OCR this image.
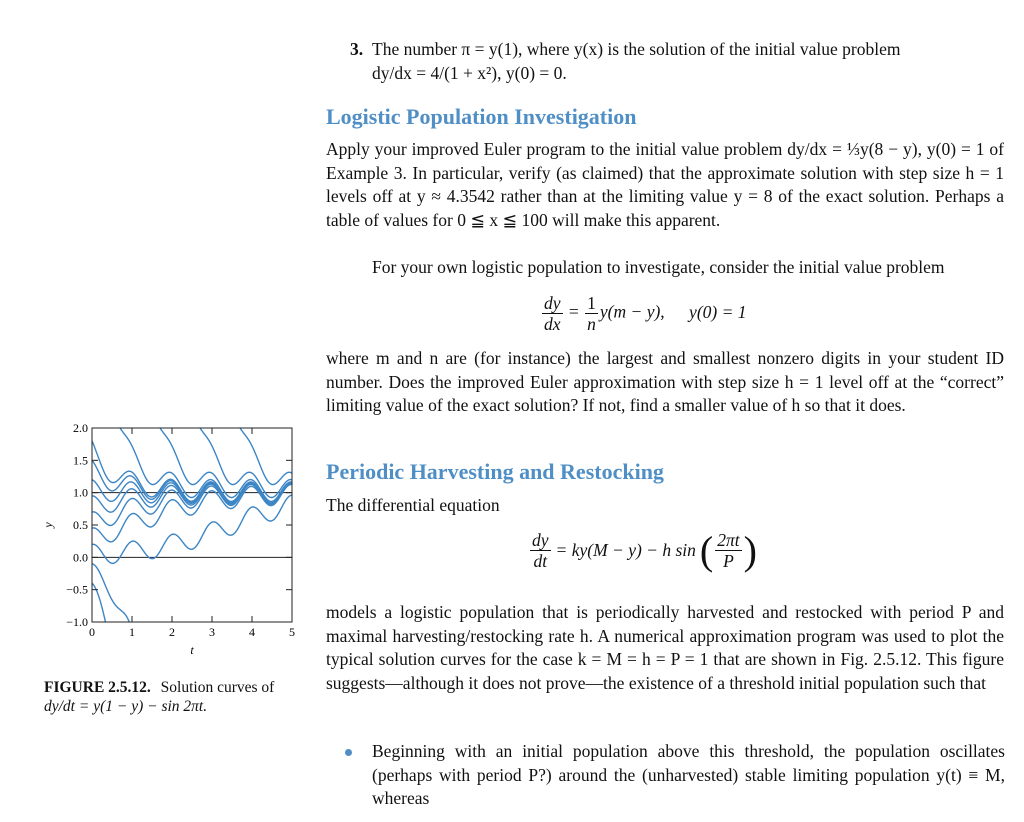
3. The number π = y(1), where y(x) is the solution of the initial value problem
dy/dx = 4/(1 + x²), y(0) = 0.
Logistic Population Investigation
Apply your improved Euler program to the initial value problem dy/dx = ⅓y(8 − y), y(0) = 1 of Example 3. In particular, verify (as claimed) that the approximate solution with step size h = 1 levels off at y ≈ 4.3542 rather than at the limiting value y = 8 of the exact solution. Perhaps a table of values for 0 ≦ x ≦ 100 will make this apparent.
For your own logistic population to investigate, consider the initial value problem
$\frac{dy}{dx} = \frac{1}{n} y(m - y)$, y(0) = 1
where m and n are (for instance) the largest and smallest nonzero digits in your student ID number. Does the improved Euler approximation with step size h = 1 level off at the “correct” limiting value of the exact solution? If not, find a smaller value of h so that it does.
Periodic Harvesting and Restocking
The differential equation
$\frac{dy}{dt} = ky(M - y) - h$ sin ( $\frac{2\pi t}{P}$ )
models a logistic population that is periodically harvested and restocked with period P and maximal harvesting/restocking rate h. A numerical approximation program was used to plot the typical solution curves for the case k = M = h = P = 1 that are shown in Fig. 2.5.12. This figure suggests—although it does not prove—the existence of a threshold initial population such that
Beginning with an initial population above this threshold, the population oscillates (perhaps with period P?) around the (unharvested) stable limiting population y(t) ≡ M, whereas
2.0
1.5
1.0
0.5
0.0
−0.5
−1.0
0	1	2	3	4	5
t
y
FIGURE 2.5.12. Solution curves of
dy/dt = y(1 − y) − sin 2πt.
